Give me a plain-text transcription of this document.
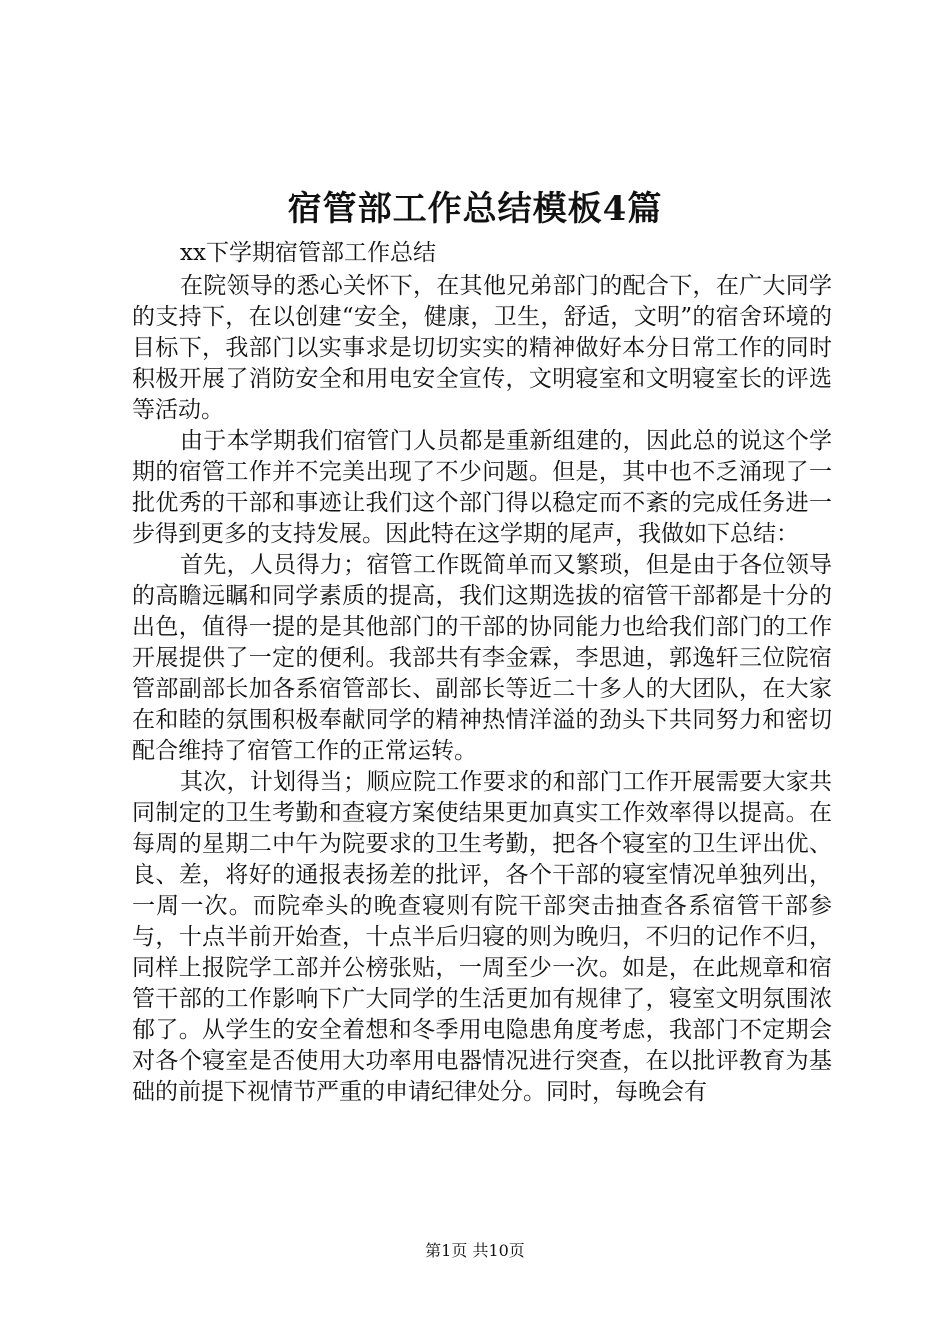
宿管部工作总结模板4篇
xx下学期宿管部工作总结

在院领导的悉心关怀下，在其他兄弟部门的配合下，在广大同学的支持下，在以创建“安全，健康，卫生，舒适，文明”的宿舍环境的目标下，我部门以实事求是切切实实的精神做好本分日常工作的同时积极开展了消防安全和用电安全宣传，文明寝室和文明寝室长的评选等活动。

由于本学期我们宿管门人员都是重新组建的，因此总的说这个学期的宿管工作并不完美出现了不少问题。但是，其中也不乏涌现了一批优秀的干部和事迹让我们这个部门得以稳定而不紊的完成任务进一步得到更多的支持发展。因此特在这学期的尾声，我做如下总结：

首先，人员得力；宿管工作既简单而又繁琐，但是由于各位领导的高瞻远瞩和同学素质的提高，我们这期选拔的宿管干部都是十分的出色，值得一提的是其他部门的干部的协同能力也给我们部门的工作开展提供了一定的便利。我部共有李金霖，李思迪，郭逸轩三位院宿管部副部长加各系宿管部长、副部长等近二十多人的大团队，在大家在和睦的氛围积极奉献同学的精神热情洋溢的劲头下共同努力和密切配合维持了宿管工作的正常运转。

其次，计划得当；顺应院工作要求的和部门工作开展需要大家共同制定的卫生考勤和查寝方案使结果更加真实工作效率得以提高。在每周的星期二中午为院要求的卫生考勤，把各个寝室的卫生评出优、良、差，将好的通报表扬差的批评，各个干部的寝室情况单独列出，一周一次。而院牵头的晚查寝则有院干部突击抽查各系宿管干部参与，十点半前开始查，十点半后归寝的则为晚归，不归的记作不归，同样上报院学工部并公榜张贴，一周至少一次。如是，在此规章和宿管干部的工作影响下广大同学的生活更加有规律了，寝室文明氛围浓郁了。从学生的安全着想和冬季用电隐患角度考虑，我部门不定期会对各个寝室是否使用大功率用电器情况进行突查，在以批评教育为基础的前提下视情节严重的申请纪律处分。同时，每晚会有

第1页 共10页
